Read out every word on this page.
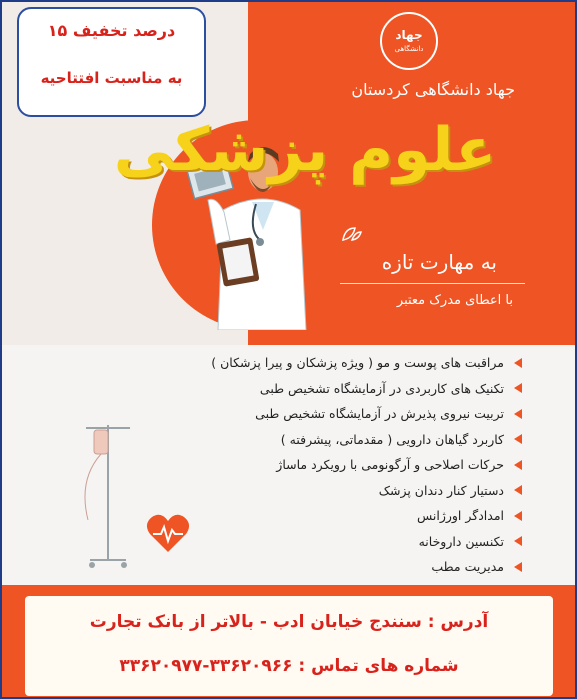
۱۵ درصد تخفیف
به مناسبت افتتاحیه
جهاد
دانشگاهی
جهاد دانشگاهی کردستان
علوم پزشکی
به مهارت تازه
با اعطای مدرک معتبر
مراقبت های پوست و مو ( ویژه پزشکان و پیرا پزشکان )
تکنیک های کاربردی در آزمایشگاه تشخیص طبی
تربیت نیروی پذیرش در آزمایشگاه تشخیص طبی
کاربرد گیاهان دارویی ( مقدماتی، پیشرفته )
حرکات اصلاحی و آرگونومی با رویکرد ماساژ
دستیار کنار دندان پزشک
امدادگر اورژانس
تکنسین داروخانه
مدیریت مطب
آدرس : سنندج خیابان ادب - بالاتر از بانک تجارت
شماره های تماس : ۳۳۶۲۰۹۶۶-۳۳۶۲۰۹۷۷
